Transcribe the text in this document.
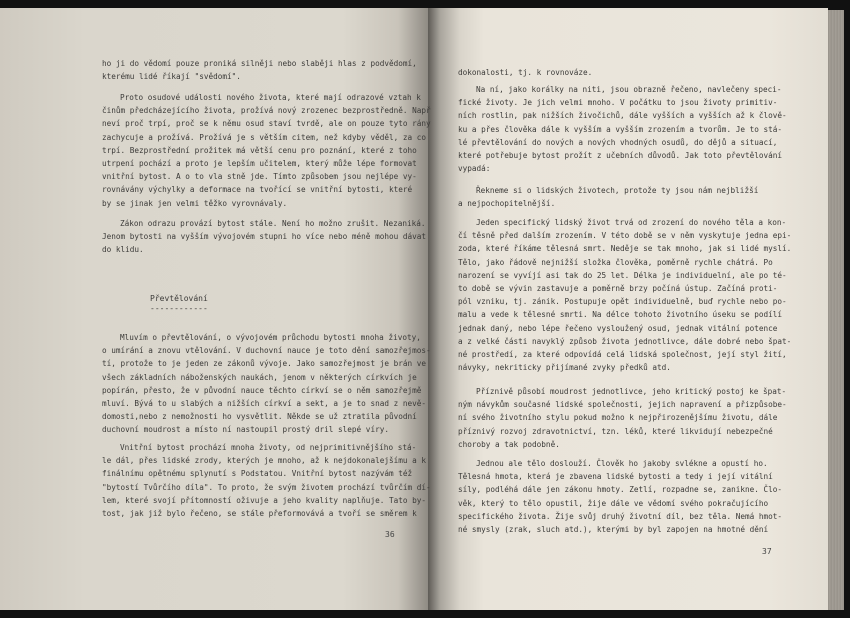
Převtělování
------------
36
37
ho ji do vědomí pouze proniká silněji nebo slaběji hlas z podvědomí,
kterému lidé říkají "svědomí".
Proto osudové události nového života, které mají odrazové vztah k
činům předcházejícího života, prožívá nový zrozenec bezprostředně. Např
neví proč trpí, proč se k němu osud staví tvrdě, ale on pouze tyto rány
zachycuje a prožívá. Prožívá je s větším citem, než kdyby věděl, za co
trpí. Bezprostřední prožitek má větší cenu pro poznání, které z toho
utrpení pochází a proto je lepším učitelem, který může lépe formovat
vnitřní bytost. A o to vla stně jde. Tímto způsobem jsou nejlépe vy-
rovnávány výchylky a deformace na tvořící se vnitřní bytosti, které
by se jinak jen velmi těžko vyrovnávaly.
Zákon odrazu provází bytost stále. Není ho možno zrušit. Nezaniká.
Jenom bytosti na vyšším vývojovém stupni ho více nebo méně mohou dávat
do klidu.
Mluvím o převtělování, o vývojovém průchodu bytosti mnoha životy,
o umírání a znovu vtělování. V duchovní nauce je toto dění samozřejmos-
tí, protože to je jeden ze zákonů vývoje. Jako samozřejmost je brán ve
všech základních náboženských naukách, jenom v některých církvích je
popírán, přesto, že v původní nauce těchto církví se o něm samozřejmě
mluví. Bývá to u slabých a nižších církví a sekt, a je to snad z nevě-
domosti,nebo z nemožnosti ho vysvětlit. Někde se už ztratila původní
duchovní moudrost a místo ní nastoupil prostý dril slepé víry.
Vnitřní bytost prochází mnoha životy, od nejprimitivnějšího stá-
le dál, přes lidské zrody, kterých je mnoho, až k nejdokonalejšímu a k
finálnímu opětnému splynutí s Podstatou. Vnitřní bytost nazývám též
"bytostí Tvůrčího díla". To proto, že svým životem prochází tvůrčím dí-
lem, které svojí přítomností oživuje a jeho kvality naplňuje. Tato by-
tost, jak již bylo řečeno, se stále přeformovává a tvoří se směrem k
dokonalosti, tj. k rovnováze.
Na ní, jako korálky na niti, jsou obrazně řečeno, navlečeny speci-
fické životy. Je jich velmi mnoho. V počátku to jsou životy primitiv-
ních rostlin, pak nižších živočichů, dále vyšších a vyšších až k člově-
ku a přes člověka dále k vyšším a vyšším zrozením a tvorům. Je to stá-
lé převtělování do nových a nových vhodných osudů, do dějů a situací,
které potřebuje bytost prožít z učebních důvodů. Jak toto převtělování
vypadá:
Řekneme si o lidských životech, protože ty jsou nám nejbližší
a nejpochopitelnější.
Jeden specifický lidský život trvá od zrození do nového těla a kon-
čí těsně před dalším zrozením. V této době se v něm vyskytuje jedna epi-
zoda, které říkáme tělesná smrt. Neděje se tak mnoho, jak si lidé myslí.
Tělo, jako řádově nejnižší složka člověka, poměrně rychle chátrá. Po
narození se vyvíjí asi tak do 25 let. Délka je individuelní, ale po té-
to době se vývin zastavuje a poměrně brzy počíná ústup. Začíná proti-
pól vzniku, tj. zánik. Postupuje opět individuelně, buď rychle nebo po-
malu a vede k tělesné smrti. Na délce tohoto životního úseku se podílí
jednak daný, nebo lépe řečeno vysloužený osud, jednak vitální potence
a z velké části navyklý způsob života jednotlivce, dále dobré nebo špat-
né prostředí, za které odpovídá celá lidská společnost, její styl žití,
návyky, nekriticky přijímané zvyky předků atd.
Příznivě působí moudrost jednotlivce, jeho kritický postoj ke špat-
ným návykům současné lidské společnosti, jejich napravení a přizpůsobe-
ní svého životního stylu pokud možno k nejpřirozenějšímu životu, dále
příznivý rozvoj zdravotnictví, tzn. léků, které likvidují nebezpečné
choroby a tak podobně.
Jednou ale tělo doslouží. Člověk ho jakoby svlékne a opustí ho.
Tělesná hmota, která je zbavena lidské bytosti a tedy i její vitální
síly, podléhá dále jen zákonu hmoty. Zetlí, rozpadne se, zanikne. Člo-
věk, který to tělo opustil, žije dále ve vědomí svého pokračujícího
specifického života. Žije svůj druhý životní díl, bez těla. Nemá hmot-
né smysly (zrak, sluch atd.), kterými by byl zapojen na hmotné dění
